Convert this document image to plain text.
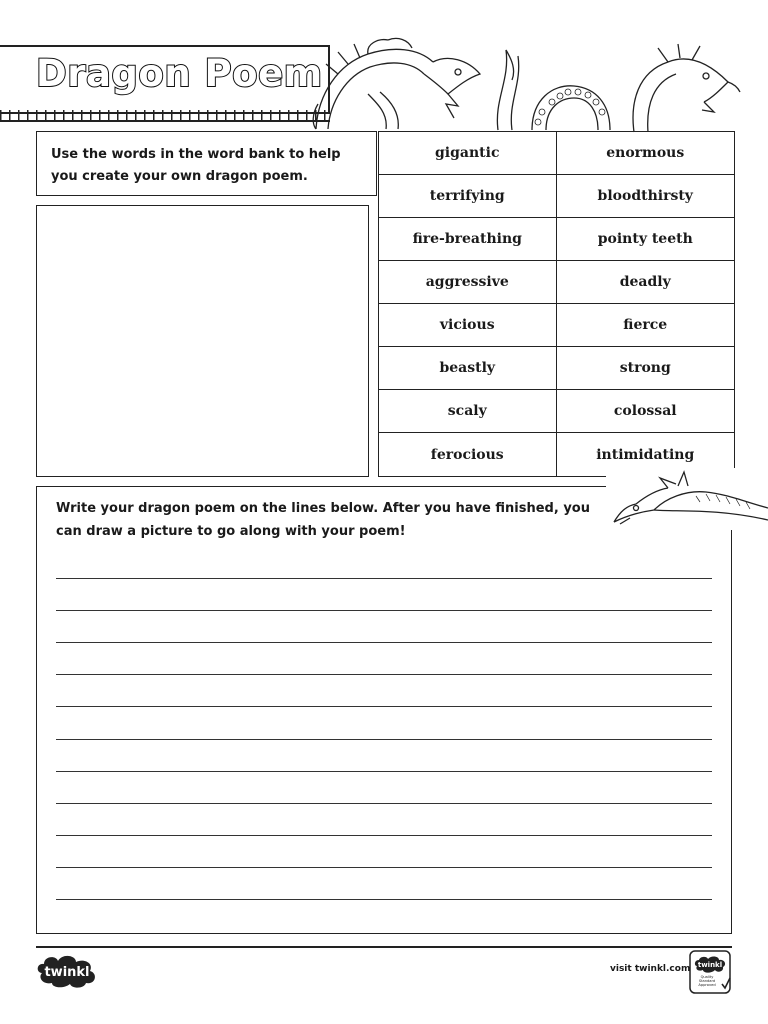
Dragon Poem
Use the words in the word bank to help you create your own dragon poem.
gigantic	enormous
terrifying	bloodthirsty
fire-breathing	pointy teeth
aggressive	deadly
vicious	fierce
beastly	strong
scaly	colossal
ferocious	intimidating
Write your dragon poem on the lines below. After you have finished, you can draw a picture to go along with your poem!
twinkl	visit twinkl.com twinkl
Quality Standard Approved
